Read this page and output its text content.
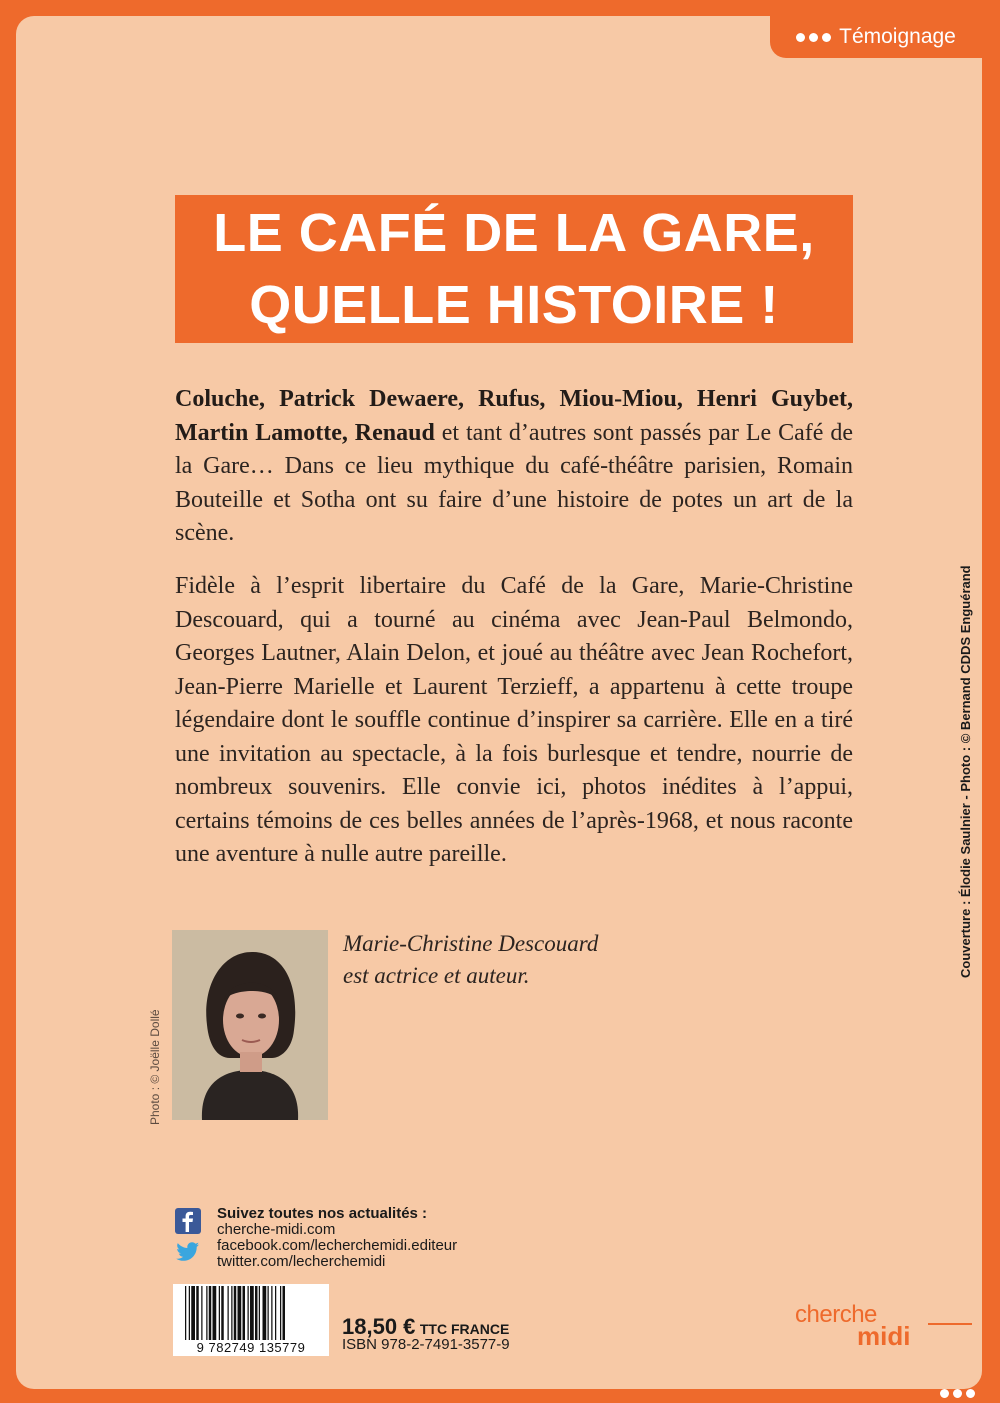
Témoignage
LE CAFÉ DE LA GARE,
QUELLE HISTOIRE !

Coluche, Patrick Dewaere, Rufus, Miou-Miou, Henri Guybet, Martin Lamotte, Renaud et tant d’autres sont passés par Le Café de la Gare… Dans ce lieu mythique du café-théâtre parisien, Romain Bouteille et Sotha ont su faire d’une histoire de potes un art de la scène.

Fidèle à l’esprit libertaire du Café de la Gare, Marie-Christine Descouard, qui a tourné au cinéma avec Jean-Paul Belmondo, Georges Lautner, Alain Delon, et joué au théâtre avec Jean Rochefort, Jean-Pierre Marielle et Laurent Terzieff, a appartenu à cette troupe légendaire dont le souffle continue d’inspirer sa carrière. Elle en a tiré une invitation au spectacle, à la fois burlesque et tendre, nourrie de nombreux souvenirs. Elle convie ici, photos inédites à l’appui, certains témoins de ces belles années de l’après-1968, et nous raconte une aventure à nulle autre pareille.

Photo : © Joëlle Dollé
Marie-Christine Descouard
est actrice et auteur.	Couverture : Élodie Saulnier - Photo : © Bernand CDDS Enguérand
Suivez toutes nos actualités :
cherche-midi.com
facebook.com/lecherchemidi.editeur
twitter.com/lecherchemidi
9 782749 135779
18,50 € TTC FRANCE
ISBN 978-2-7491-3577-9
cherche
midi
